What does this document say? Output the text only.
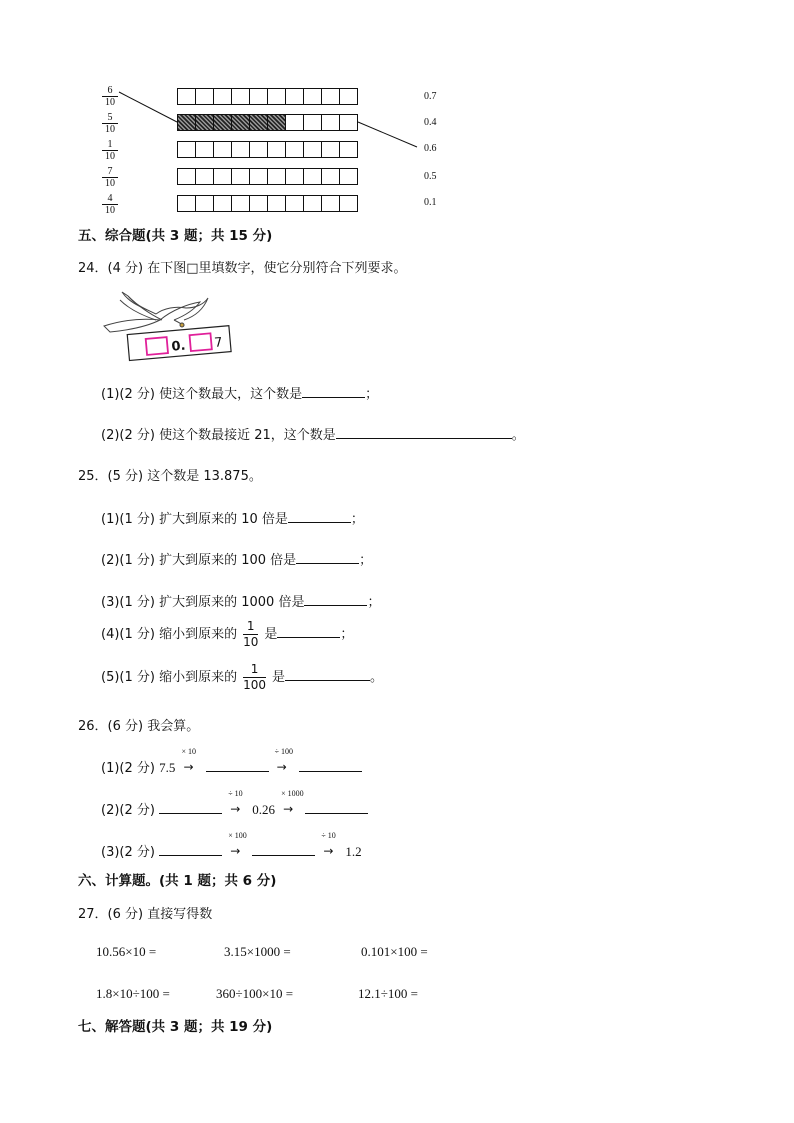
$\frac{6}{10}$
$\frac{5}{10}$
$\frac{1}{10}$
$\frac{7}{10}$
$\frac{4}{10}$
0.7
0.4
0.6
0.5
0.1
五、综合题(共 3 题；共 15 分)
24．(4 分) 在下图□里填数字，使它分别符合下列要求。
0. 7
(1)(2 分) 使这个数最大，这个数是	；
(2)(2 分) 使这个数最接近 21，这个数是	。
25．(5 分) 这个数是 13.875。
(1)(1 分) 扩大到原来的 10 倍是	；
(2)(1 分) 扩大到原来的 100 倍是	；
(3)(1 分) 扩大到原来的 1000 倍是	；
(4)(1 分) 缩小到原来的 $\frac{1}{10}$ 是	；
(5)(1 分) 缩小到原来的 $\frac{1}{100}$ 是	。
26．(6 分) 我会算。
(1)(2 分) 7.5
× 10
→

÷ 100
→
(2)(2 分)
÷ 10
→ 0.26
× 1000
→
(3)(2 分)
× 100
→

÷ 10
→ 1.2
六、计算题。(共 1 题；共 6 分)
27．(6 分) 直接写得数
10.56×10 =	3.15×1000 =	0.101×100 =
1.8×10÷100 =	360÷100×10 =	12.1÷100 =
七、解答题(共 3 题；共 19 分)
